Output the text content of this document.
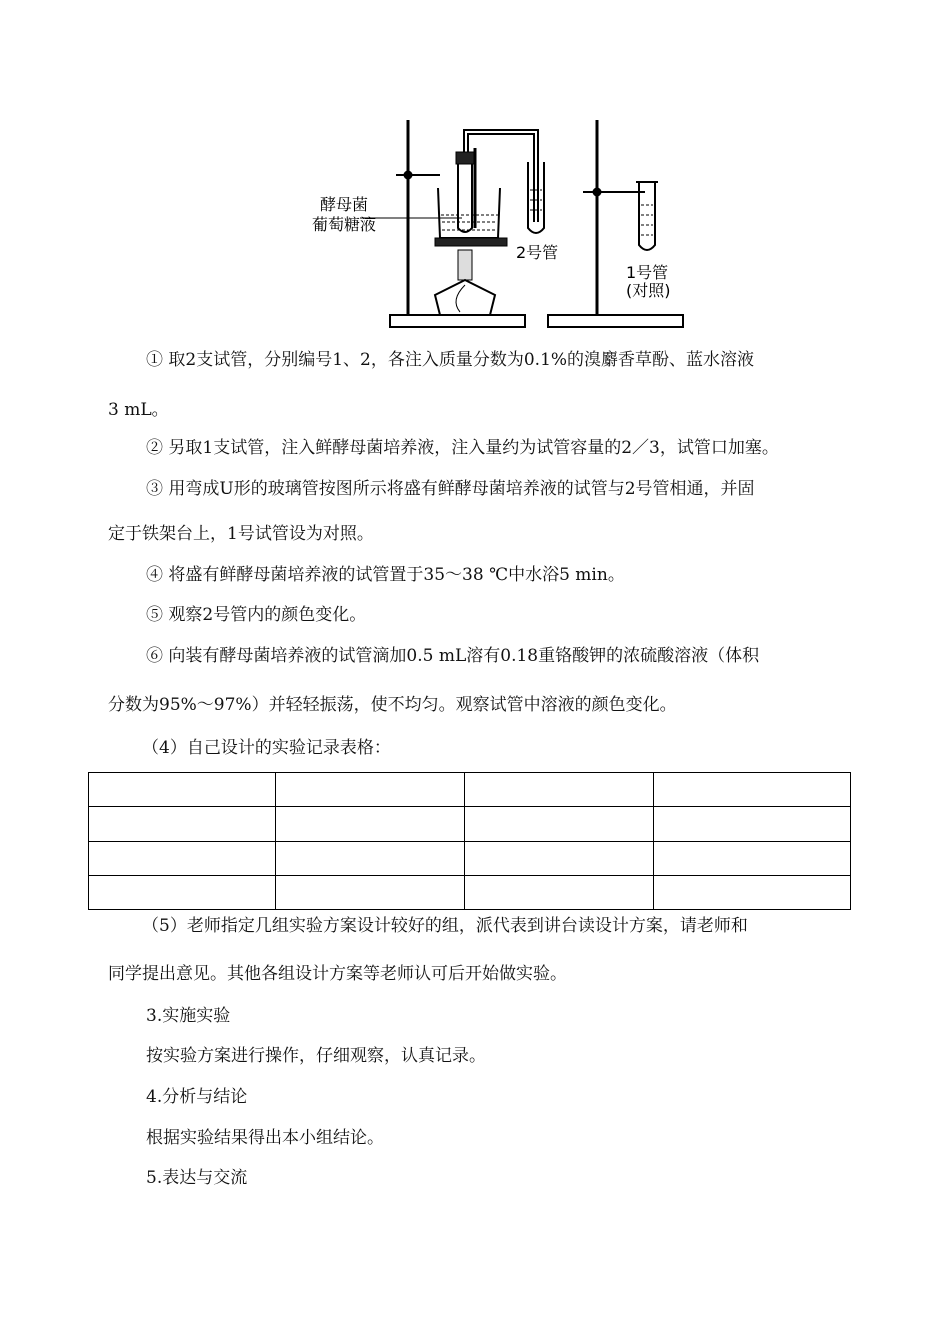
酵母菌
葡萄糖液
2号管
1号管
(对照)
① 取2支试管，分别编号1、2，各注入质量分数为0.1%的溴麝香草酚、蓝水溶液
3 mL。
② 另取1支试管，注入鲜酵母菌培养液，注入量约为试管容量的2／3，试管口加塞。
③ 用弯成U形的玻璃管按图所示将盛有鲜酵母菌培养液的试管与2号管相通，并固
定于铁架台上，1号试管设为对照。
④ 将盛有鲜酵母菌培养液的试管置于35～38 ℃中水浴5 min。
⑤ 观察2号管内的颜色变化。
⑥ 向装有酵母菌培养液的试管滴加0.5 mL溶有0.18重铬酸钾的浓硫酸溶液（体积
分数为95%～97%）并轻轻振荡，使不均匀。观察试管中溶液的颜色变化。
（4）自己设计的实验记录表格：

（5）老师指定几组实验方案设计较好的组，派代表到讲台读设计方案，请老师和
同学提出意见。其他各组设计方案等老师认可后开始做实验。
3.实施实验
按实验方案进行操作，仔细观察，认真记录。
4.分析与结论
根据实验结果得出本小组结论。
5.表达与交流
